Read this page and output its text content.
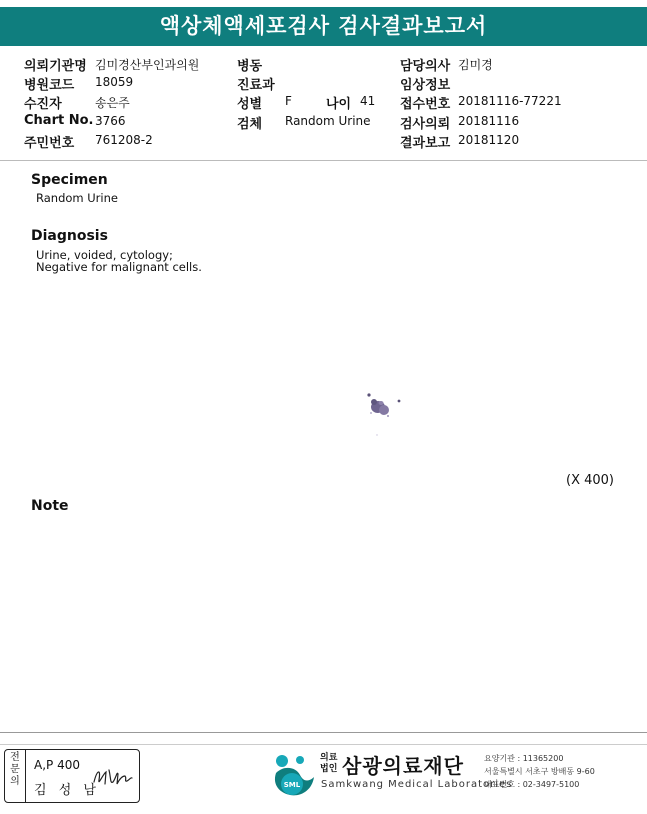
액상체액세포검사 검사결과보고서
의뢰기관명 김미경산부인과의원
병원코드 18059
수진자	송은주
Chart No. 3766
주민번호 761208-2
병동
진료과
성별 F	나이 41
검체 Random Urine
담당의사 김미경
임상정보
접수번호 20181116-77221
검사의뢰 20181116
결과보고 20181120
Specimen
Random Urine
Diagnosis
Urine, voided, cytology;
Negative for malignant cells.
(X 400)
Note
전
문
의
A,P 400
김 성 남	SML
의료
법인 삼광의료재단
Samkwang Medical Laboratories
요양기관 : 11365200
서울특별시 서초구 방배동 9-60
대표번호 : 02-3497-5100
